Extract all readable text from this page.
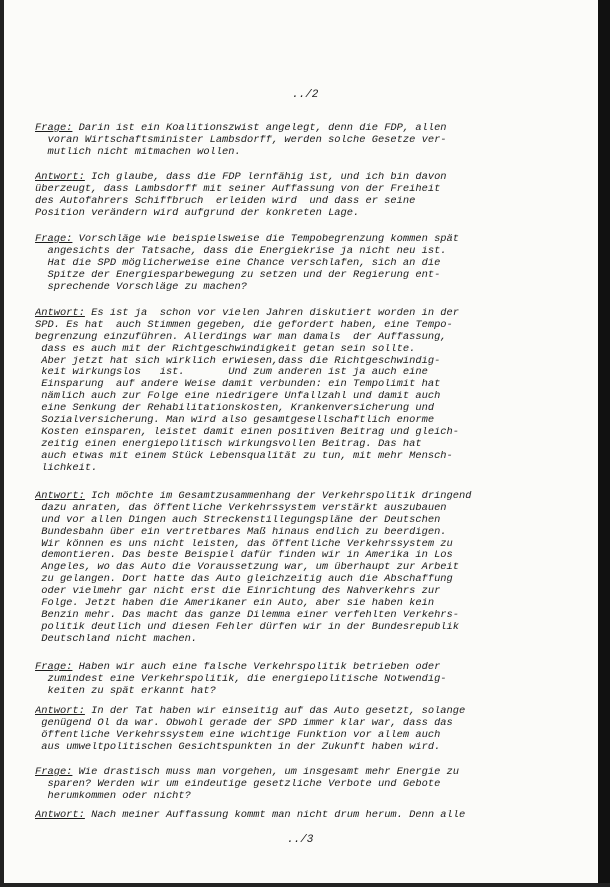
../2

Frage: Darin ist ein Koalitionszwist angelegt, denn die FDP, allen
voran Wirtschaftsminister Lambsdorff, werden solche Gesetze ver-
mutlich nicht mitmachen wollen.

Antwort: Ich glaube, dass die FDP lernfähig ist, und ich bin davon
überzeugt, dass Lambsdorff mit seiner Auffassung von der Freiheit
des Autofahrers Schiffbruch  erleiden wird  und dass er seine
Position verändern wird aufgrund der konkreten Lage.

Frage: Vorschläge wie beispielsweise die Tempobegrenzung kommen spät
angesichts der Tatsache, dass die Energiekrise ja nicht neu ist.
Hat die SPD möglicherweise eine Chance verschlafen, sich an die
Spitze der Energiesparbewegung zu setzen und der Regierung ent-
sprechende Vorschläge zu machen?

Antwort: Es ist ja  schon vor vielen Jahren diskutiert worden in der
SPD. Es hat  auch Stimmen gegeben, die gefordert haben, eine Tempo-
begrenzung einzuführen. Allerdings war man damals  der Auffassung,
dass es auch mit der Richtgeschwindigkeit getan sein sollte.
Aber jetzt hat sich wirklich erwiesen,dass die Richtgeschwindig-
keit wirkungslos   ist.       Und zum anderen ist ja auch eine
Einsparung  auf andere Weise damit verbunden: ein Tempolimit hat
nämlich auch zur Folge eine niedrigere Unfallzahl und damit auch
eine Senkung der Rehabilitationskosten, Krankenversicherung und
Sozialversicherung. Man wird also gesamtgesellschaftlich enorme
Kosten einsparen, leistet damit einen positiven Beitrag und gleich-
zeitig einen energiepolitisch wirkungsvollen Beitrag. Das hat
auch etwas mit einem Stück Lebensqualität zu tun, mit mehr Mensch-
lichkeit.

Antwort: Ich möchte im Gesamtzusammenhang der Verkehrspolitik dringend
dazu anraten, das öffentliche Verkehrssystem verstärkt auszubauen
und vor allen Dingen auch Streckenstillegungspläne der Deutschen
Bundesbahn über ein vertretbares Maß hinaus endlich zu beerdigen.
Wir können es uns nicht leisten, das öffentliche Verkehrssystem zu
demontieren. Das beste Beispiel dafür finden wir in Amerika in Los
Angeles, wo das Auto die Voraussetzung war, um überhaupt zur Arbeit
zu gelangen. Dort hatte das Auto gleichzeitig auch die Abschaffung
oder vielmehr gar nicht erst die Einrichtung des Nahverkehrs zur
Folge. Jetzt haben die Amerikaner ein Auto, aber sie haben kein
Benzin mehr. Das macht das ganze Dilemma einer verfehlten Verkehrs-
politik deutlich und diesen Fehler dürfen wir in der Bundesrepublik
Deutschland nicht machen.

Frage: Haben wir auch eine falsche Verkehrspolitik betrieben oder
zumindest eine Verkehrspolitik, die energiepolitische Notwendig-
keiten zu spät erkannt hat?

Antwort: In der Tat haben wir einseitig auf das Auto gesetzt, solange
genügend Öl da war. Obwohl gerade der SPD immer klar war, dass das
öffentliche Verkehrssystem eine wichtige Funktion vor allem auch
aus umweltpolitischen Gesichtspunkten in der Zukunft haben wird.

Frage: Wie drastisch muss man vorgehen, um insgesamt mehr Energie zu
sparen? Werden wir um eindeutige gesetzliche Verbote und Gebote
herumkommen oder nicht?

Antwort: Nach meiner Auffassung kommt man nicht drum herum. Denn alle

../3
